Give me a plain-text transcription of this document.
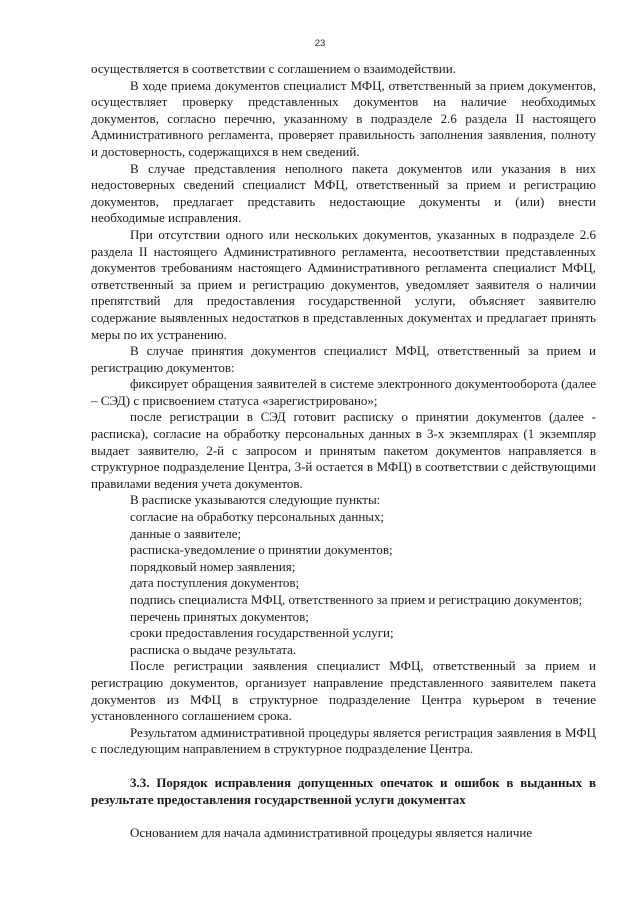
23

осуществляется в соответствии с соглашением о взаимодействии.

В ходе приема документов специалист МФЦ, ответственный за прием документов, осуществляет проверку представленных документов на наличие необходимых документов, согласно перечню, указанному в подразделе 2.6 раздела II настоящего Административного регламента, проверяет правильность заполнения заявления, полноту и достоверность, содержащихся в нем сведений.

В случае представления неполного пакета документов или указания в них недостоверных сведений специалист МФЦ, ответственный за прием и регистрацию документов, предлагает представить недостающие документы и (или) внести необходимые исправления.

При отсутствии одного или нескольких документов, указанных в подразделе 2.6 раздела II настоящего Административного регламента, несоответствии представленных документов требованиям настоящего Административного регламента специалист МФЦ, ответственный за прием и регистрацию документов, уведомляет заявителя о наличии препятствий для предоставления государственной услуги, объясняет заявителю содержание выявленных недостатков в представленных документах и предлагает принять меры по их устранению.

В случае принятия документов специалист МФЦ, ответственный за прием и регистрацию документов:

фиксирует обращения заявителей в системе электронного документооборота (далее – СЭД) с присвоением статуса «зарегистрировано»;

после регистрации в СЭД готовит расписку о принятии документов (далее - расписка), согласие на обработку персональных данных в 3-х экземплярах (1 экземпляр выдает заявителю, 2-й с запросом и принятым пакетом документов направляется в структурное подразделение Центра, 3-й остается в МФЦ) в соответствии с действующими правилами ведения учета документов.

В расписке указываются следующие пункты:

согласие на обработку персональных данных;

данные о заявителе;

расписка-уведомление о принятии документов;

порядковый номер заявления;

дата поступления документов;

подпись специалиста МФЦ, ответственного за прием и регистрацию документов;

перечень принятых документов;

сроки предоставления государственной услуги;

расписка о выдаче результата.

После регистрации заявления специалист МФЦ, ответственный за прием и регистрацию документов, организует направление представленного заявителем пакета документов из МФЦ в структурное подразделение Центра курьером в течение установленного соглашением срока.

Результатом административной процедуры является регистрация заявления в МФЦ с последующим направлением в структурное подразделение Центра.

3.3. Порядок исправления допущенных опечаток и ошибок в выданных в результате предоставления государственной услуги документах

Основанием для начала административной процедуры является наличие
